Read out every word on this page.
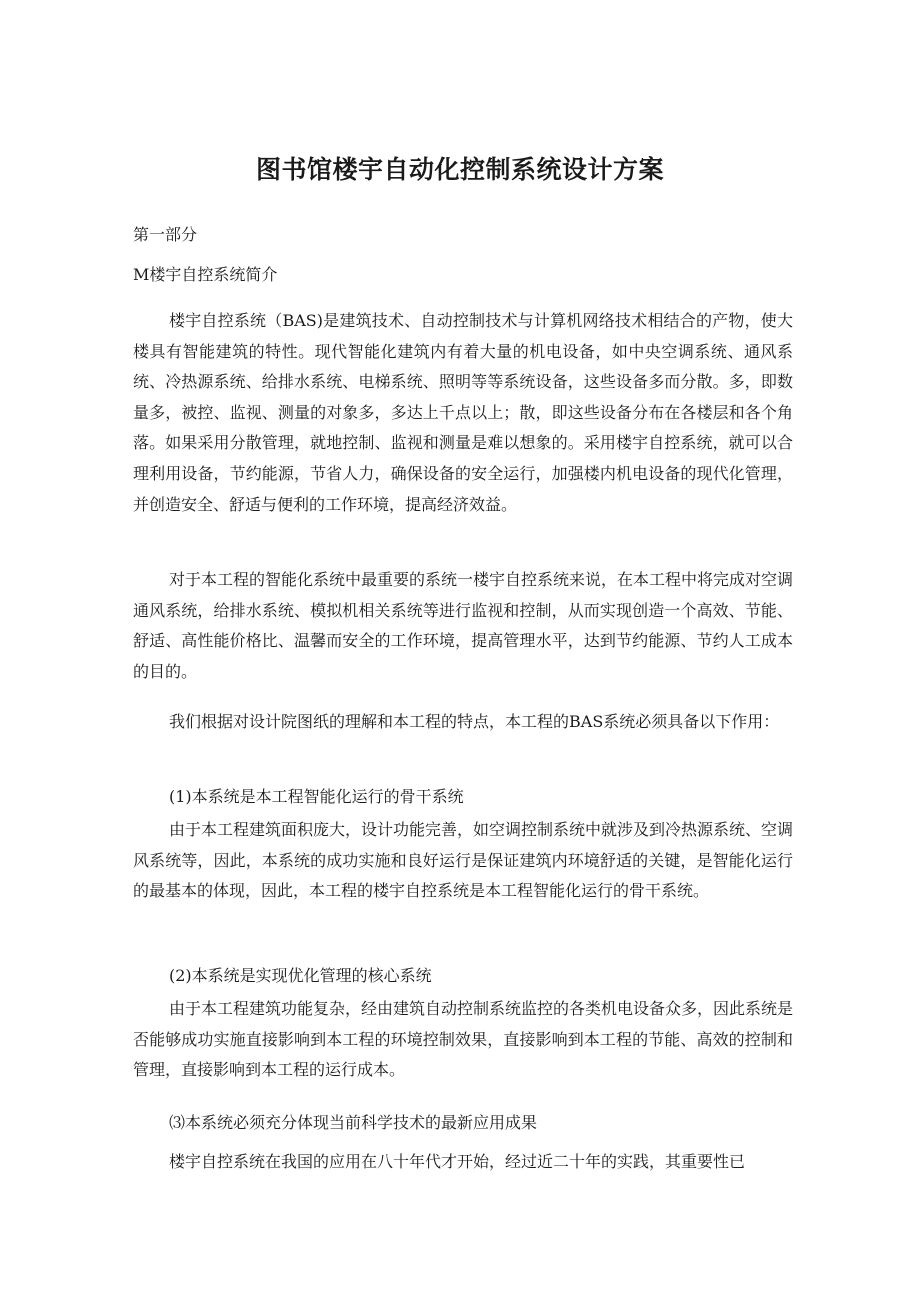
图书馆楼宇自动化控制系统设计方案

第一部分

M楼宇自控系统简介

楼宇自控系统（BAS)是建筑技术、自动控制技术与计算机网络技术相结合的产物，使大楼具有智能建筑的特性。现代智能化建筑内有着大量的机电设备，如中央空调系统、通风系统、冷热源系统、给排水系统、电梯系统、照明等等系统设备，这些设备多而分散。多，即数量多，被控、监视、测量的对象多，多达上千点以上；散，即这些设备分布在各楼层和各个角落。如果采用分散管理，就地控制、监视和测量是难以想象的。采用楼宇自控系统，就可以合理利用设备，节约能源，节省人力，确保设备的安全运行，加强楼内机电设备的现代化管理，并创造安全、舒适与便利的工作环境，提高经济效益。

对于本工程的智能化系统中最重要的系统一楼宇自控系统来说，在本工程中将完成对空调通风系统，给排水系统、模拟机相关系统等进行监视和控制，从而实现创造一个高效、节能、舒适、高性能价格比、温馨而安全的工作环境，提高管理水平，达到节约能源、节约人工成本的目的。

我们根据对设计院图纸的理解和本工程的特点，本工程的BAS系统必须具备以下作用：

(1)本系统是本工程智能化运行的骨干系统

由于本工程建筑面积庞大，设计功能完善，如空调控制系统中就涉及到冷热源系统、空调风系统等，因此，本系统的成功实施和良好运行是保证建筑内环境舒适的关键，是智能化运行的最基本的体现，因此，本工程的楼宇自控系统是本工程智能化运行的骨干系统。

(2)本系统是实现优化管理的核心系统

由于本工程建筑功能复杂，经由建筑自动控制系统监控的各类机电设备众多，因此系统是否能够成功实施直接影响到本工程的环境控制效果，直接影响到本工程的节能、高效的控制和管理，直接影响到本工程的运行成本。

⑶本系统必须充分体现当前科学技术的最新应用成果

楼宇自控系统在我国的应用在八十年代才开始，经过近二十年的实践，其重要性已
